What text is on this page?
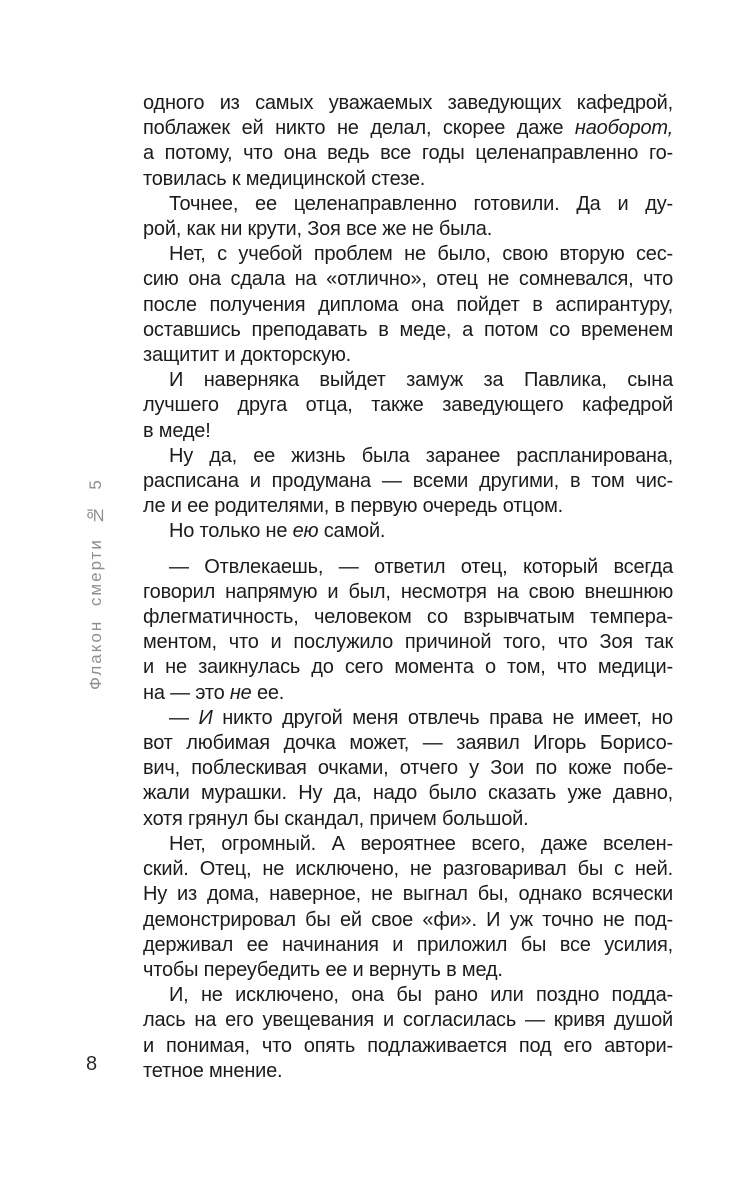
Флакон смерти № 5
8
одного из самых уважаемых заведующих кафедрой,
поблажек ей никто не делал, скорее даже наоборот,
а потому, что она ведь все годы целенаправленно го-
товилась к медицинской стезе.
Точнее, ее целенаправленно готовили. Да и ду-
рой, как ни крути, Зоя все же не была.
Нет, с учебой проблем не было, свою вторую сес-
сию она сдала на «отлично», отец не сомневался, что
после получения диплома она пойдет в аспирантуру,
оставшись преподавать в меде, а потом со временем
защитит и докторскую.
И наверняка выйдет замуж за Павлика, сына
лучшего друга отца, также заведующего кафедрой
в меде!
Ну да, ее жизнь была заранее распланирована,
расписана и продумана — всеми другими, в том чис-
ле и ее родителями, в первую очередь отцом.
Но только не ею самой.
— Отвлекаешь, — ответил отец, который всегда
говорил напрямую и был, несмотря на свою внешнюю
флегматичность, человеком со взрывчатым темпера-
ментом, что и послужило причиной того, что Зоя так
и не заикнулась до сего момента о том, что медици-
на — это не ее.
— И никто другой меня отвлечь права не имеет, но
вот любимая дочка может, — заявил Игорь Борисо-
вич, поблескивая очками, отчего у Зои по коже побе-
жали мурашки. Ну да, надо было сказать уже давно,
хотя грянул бы скандал, причем большой.
Нет, огромный. А вероятнее всего, даже вселен-
ский. Отец, не исключено, не разговаривал бы с ней.
Ну из дома, наверное, не выгнал бы, однако всячески
демонстрировал бы ей свое «фи». И уж точно не под-
держивал ее начинания и приложил бы все усилия,
чтобы переубедить ее и вернуть в мед.
И, не исключено, она бы рано или поздно подда-
лась на его увещевания и согласилась — кривя душой
и понимая, что опять подлаживается под его автори-
тетное мнение.
